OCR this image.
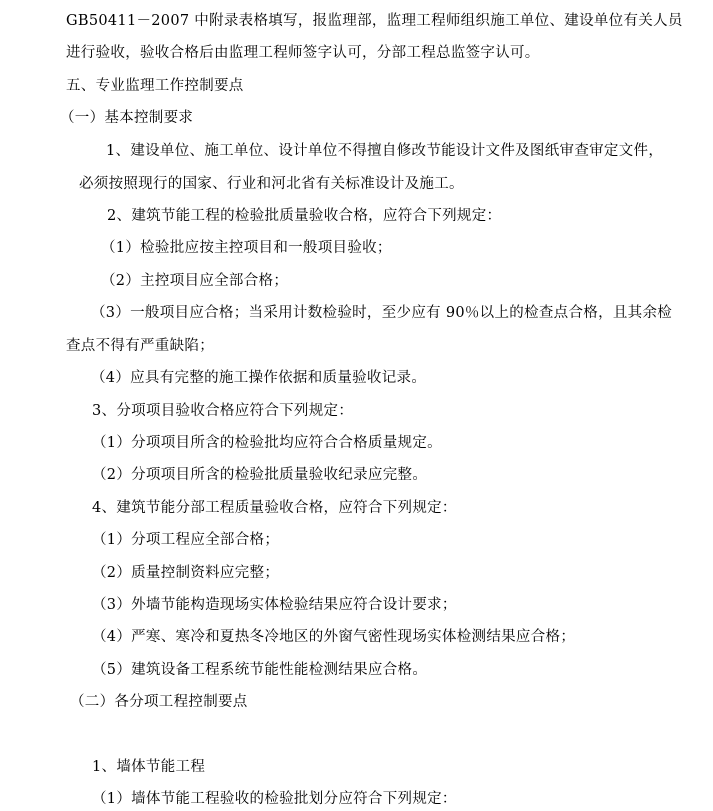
GB50411－2007 中附录表格填写，报监理部，监理工程师组织施工单位、建设单位有关人员
进行验收，验收合格后由监理工程师签字认可，分部工程总监签字认可。
五、专业监理工作控制要点
（一）基本控制要求
1、建设单位、施工单位、设计单位不得擅自修改节能设计文件及图纸审查审定文件，
必须按照现行的国家、行业和河北省有关标准设计及施工。
2、建筑节能工程的检验批质量验收合格，应符合下列规定：
（1）检验批应按主控项目和一般项目验收；
（2）主控项目应全部合格；
（3）一般项目应合格；当采用计数检验时，至少应有 90％以上的检查点合格，且其余检
查点不得有严重缺陷；
（4）应具有完整的施工操作依据和质量验收记录。
3、分项项目验收合格应符合下列规定：
（1）分项项目所含的检验批均应符合合格质量规定。
（2）分项项目所含的检验批质量验收纪录应完整。
4、建筑节能分部工程质量验收合格，应符合下列规定：
（1）分项工程应全部合格；
（2）质量控制资料应完整；
（3）外墙节能构造现场实体检验结果应符合设计要求；
（4）严寒、寒冷和夏热冬冷地区的外窗气密性现场实体检测结果应合格；
（5）建筑设备工程系统节能性能检测结果应合格。
（二）各分项工程控制要点
1、墙体节能工程
（1）墙体节能工程验收的检验批划分应符合下列规定：
